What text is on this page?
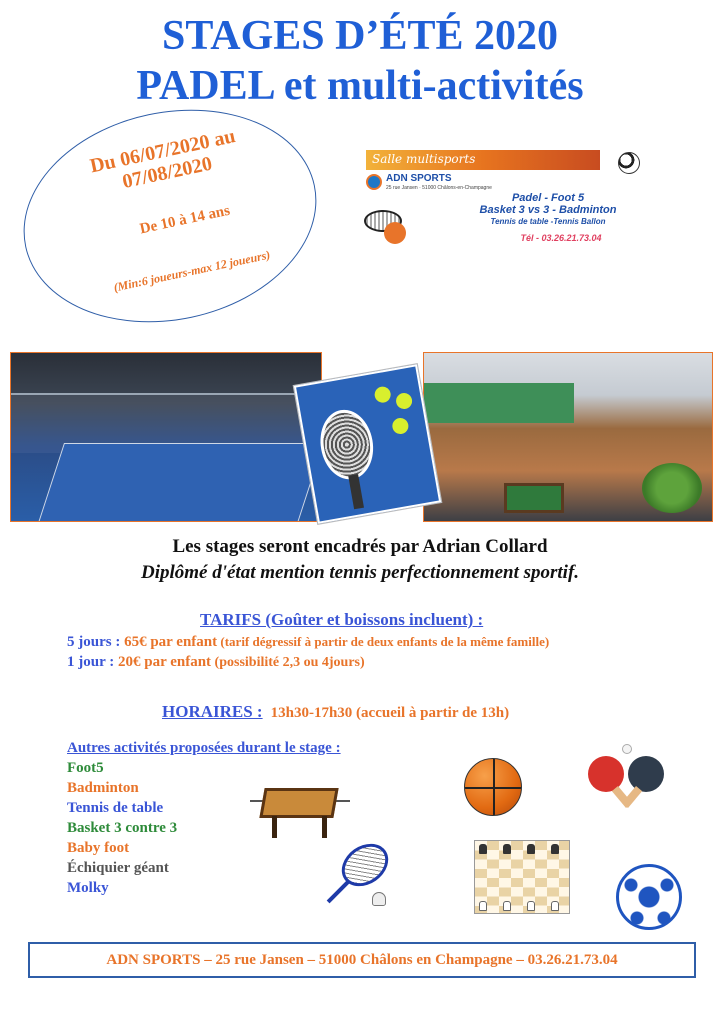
STAGES D’ÉTÉ 2020
PADEL et multi-activités
Du 06/07/2020 au 07/08/2020
De 10 à 14 ans
(Min:6 joueurs-max 12 joueurs)
Salle multisports
ADN SPORTS
25 rue Jansen · 51000 Châlons-en-Champagne
Padel - Foot 5
Basket 3 vs 3 - Badminton
Tennis de table -Tennis Ballon
Tél - 03.26.21.73.04
Les stages seront encadrés par Adrian Collard
Diplômé d'état mention tennis perfectionnement sportif.
TARIFS (Goûter et boissons incluent) :
5 jours : 65€ par enfant (tarif dégressif à partir de deux enfants de la même famille)
1 jour : 20€ par enfant (possibilité 2,3 ou 4jours)
HORAIRES : 13h30-17h30 (accueil à partir de 13h)
Autres activités proposées durant le stage :
Foot5
Badminton
Tennis de table
Basket 3 contre 3
Baby foot
Échiquier géant
Molky
ADN SPORTS – 25 rue Jansen – 51000 Châlons en Champagne – 03.26.21.73.04
